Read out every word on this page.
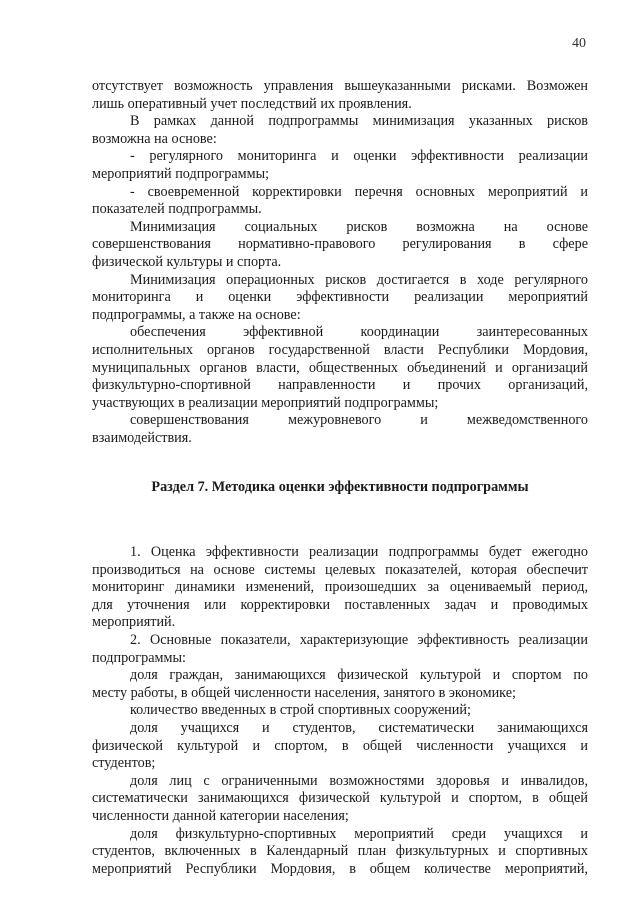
40

отсутствует возможность управления вышеуказанными рисками. Возможен
лишь оперативный учет последствий их проявления.

В рамках данной подпрограммы минимизация указанных рисков
возможна на основе:

- регулярного мониторинга и оценки эффективности реализации
мероприятий подпрограммы;

- своевременной корректировки перечня основных мероприятий и
показателей подпрограммы.

Минимизация социальных рисков возможна на основе
совершенствования нормативно-правового регулирования в сфере
физической культуры и спорта.

Минимизация операционных рисков достигается в ходе регулярного
мониторинга и оценки эффективности реализации мероприятий
подпрограммы, а также на основе:

обеспечения эффективной координации заинтересованных
исполнительных органов государственной власти Республики Мордовия,
муниципальных органов власти, общественных объединений и организаций
физкультурно-спортивной направленности и прочих организаций,
участвующих в реализации мероприятий подпрограммы;

совершенствования межуровневого и межведомственного
взаимодействия.

Раздел 7. Методика оценки эффективности подпрограммы

1. Оценка эффективности реализации подпрограммы будет ежегодно
производиться на основе системы целевых показателей, которая обеспечит
мониторинг динамики изменений, произошедших за оцениваемый период,
для уточнения или корректировки поставленных задач и проводимых
мероприятий.

2. Основные показатели, характеризующие эффективность реализации
подпрограммы:

доля граждан, занимающихся физической культурой и спортом по
месту работы, в общей численности населения, занятого в экономике;

количество введенных в строй спортивных сооружений;

доля учащихся и студентов, систематически занимающихся
физической культурой и спортом, в общей численности учащихся и
студентов;

доля лиц с ограниченными возможностями здоровья и инвалидов,
систематически занимающихся физической культурой и спортом, в общей
численности данной категории населения;

доля физкультурно-спортивных мероприятий среди учащихся и
студентов, включенных в Календарный план физкультурных и спортивных
мероприятий Республики Мордовия, в общем количестве мероприятий,
